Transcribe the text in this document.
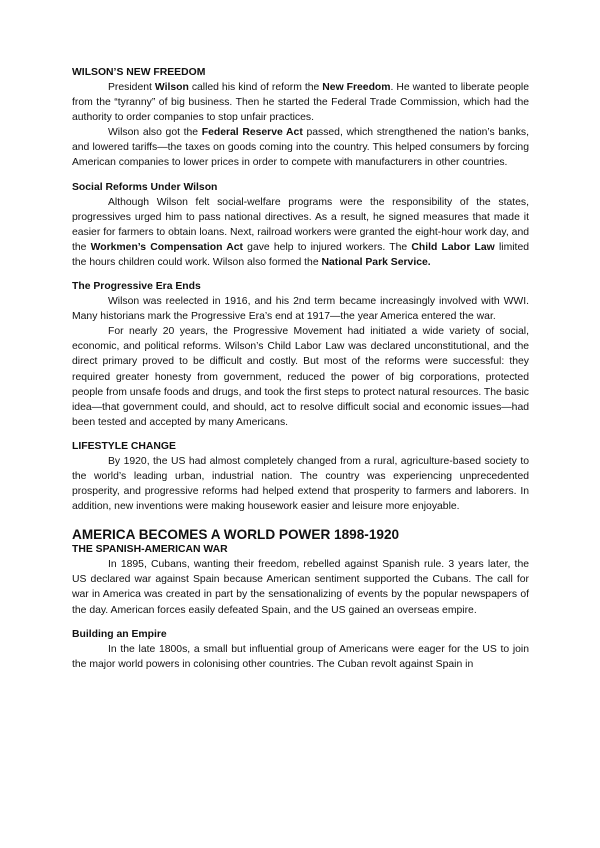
WILSON’S NEW FREEDOM

President Wilson called his kind of reform the New Freedom. He wanted to liberate people from the “tyranny” of big business. Then he started the Federal Trade Commission, which had the authority to order companies to stop unfair practices.

Wilson also got the Federal Reserve Act passed, which strengthened the nation’s banks, and lowered tariffs—the taxes on goods coming into the country. This helped consumers by forcing American companies to lower prices in order to compete with manufacturers in other countries.

Social Reforms Under Wilson

Although Wilson felt social-welfare programs were the responsibility of the states, progressives urged him to pass national directives. As a result, he signed measures that made it easier for farmers to obtain loans. Next, railroad workers were granted the eight-hour work day, and the Workmen’s Compensation Act gave help to injured workers. The Child Labor Law limited the hours children could work. Wilson also formed the National Park Service.

The Progressive Era Ends

Wilson was reelected in 1916, and his 2nd term became increasingly involved with WWI. Many historians mark the Progressive Era’s end at 1917—the year America entered the war.

For nearly 20 years, the Progressive Movement had initiated a wide variety of social, economic, and political reforms. Wilson’s Child Labor Law was declared unconstitutional, and the direct primary proved to be difficult and costly. But most of the reforms were successful: they required greater honesty from government, reduced the power of big corporations, protected people from unsafe foods and drugs, and took the first steps to protect natural resources. The basic idea—that government could, and should, act to resolve difficult social and economic issues—had been tested and accepted by many Americans.

LIFESTYLE CHANGE

By 1920, the US had almost completely changed from a rural, agriculture-based society to the world’s leading urban, industrial nation. The country was experiencing unprecedented prosperity, and progressive reforms had helped extend that prosperity to farmers and laborers. In addition, new inventions were making housework easier and leisure more enjoyable.

AMERICA BECOMES A WORLD POWER 1898-1920
THE SPANISH-AMERICAN WAR

In 1895, Cubans, wanting their freedom, rebelled against Spanish rule. 3 years later, the US declared war against Spain because American sentiment supported the Cubans. The call for war in America was created in part by the sensationalizing of events by the popular newspapers of the day. American forces easily defeated Spain, and the US gained an overseas empire.

Building an Empire

In the late 1800s, a small but influential group of Americans were eager for the US to join the major world powers in colonising other countries. The Cuban revolt against Spain in
